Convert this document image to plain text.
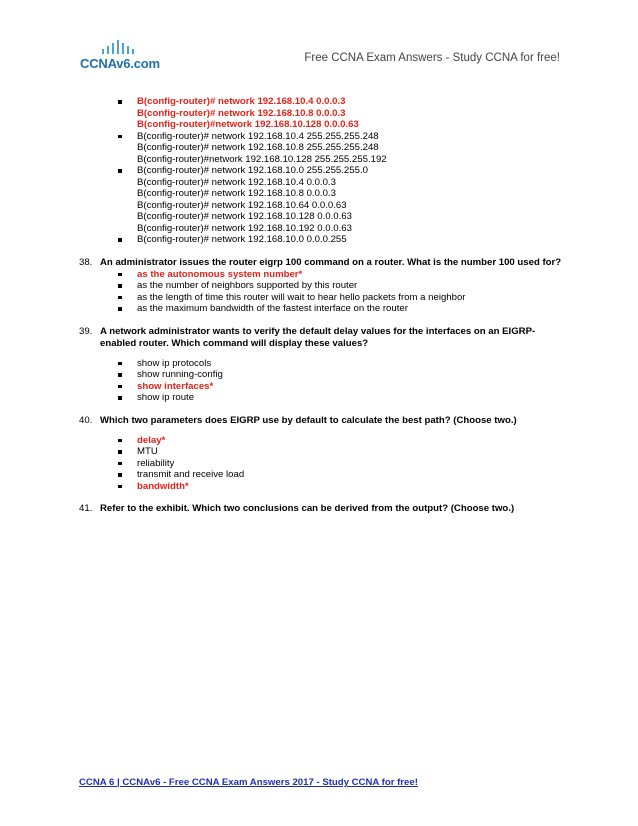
CCNAv6.com	Free CCNA Exam Answers - Study CCNA for free!
B(config-router)# network 192.168.10.4 0.0.0.3
B(config-router)# network 192.168.10.8 0.0.0.3
B(config-router)#network 192.168.10.128 0.0.0.63
B(config-router)# network 192.168.10.4 255.255.255.248
B(config-router)# network 192.168.10.8 255.255.255.248
B(config-router)#network 192.168.10.128 255.255.255.192
B(config-router)# network 192.168.10.0 255.255.255.0
B(config-router)# network 192.168.10.4 0.0.0.3
B(config-router)# network 192.168.10.8 0.0.0.3
B(config-router)# network 192.168.10.64 0.0.0.63
B(config-router)# network 192.168.10.128 0.0.0.63
B(config-router)# network 192.168.10.192 0.0.0.63
B(config-router)# network 192.168.10.0 0.0.0.255
38. An administrator issues the router eigrp 100 command on a router. What is the number 100 used for?
as the autonomous system number*
as the number of neighbors supported by this router
as the length of time this router will wait to hear hello packets from a neighbor
as the maximum bandwidth of the fastest interface on the router
39. A network administrator wants to verify the default delay values for the interfaces on an EIGRP-enabled router. Which command will display these values?
show ip protocols
show running-config
show interfaces*
show ip route
40. Which two parameters does EIGRP use by default to calculate the best path? (Choose two.)
delay*
MTU
reliability
transmit and receive load
bandwidth*
41. Refer to the exhibit. Which two conclusions can be derived from the output? (Choose two.)
CCNA 6 | CCNAv6 - Free CCNA Exam Answers 2017 - Study CCNA for free!
